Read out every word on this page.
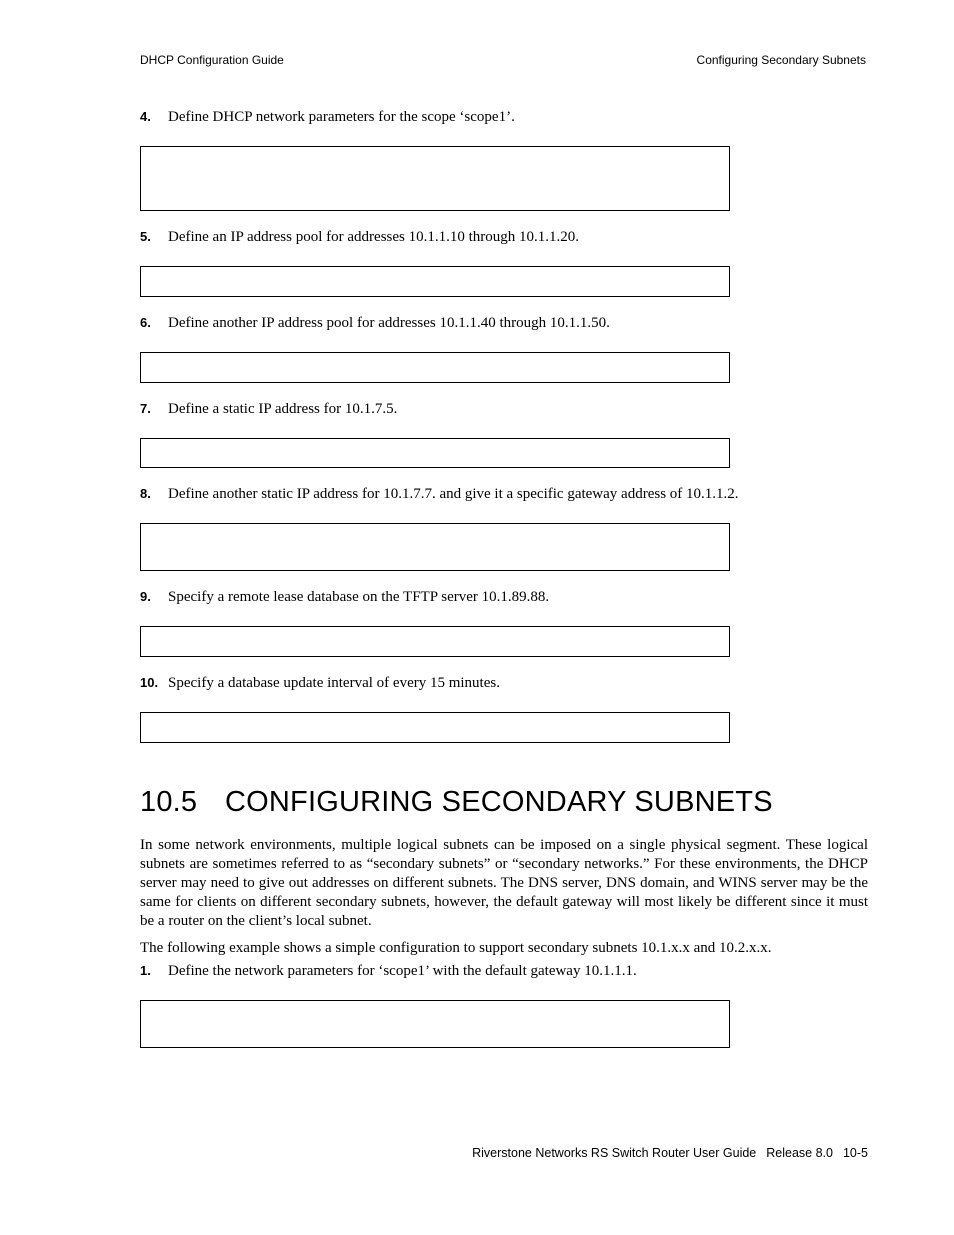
DHCP Configuration Guide	Configuring Secondary Subnets
4. Define DHCP network parameters for the scope ‘scope1’.
5. Define an IP address pool for addresses 10.1.1.10 through 10.1.1.20.
6. Define another IP address pool for addresses 10.1.1.40 through 10.1.1.50.
7. Define a static IP address for 10.1.7.5.
8. Define another static IP address for 10.1.7.7. and give it a specific gateway address of 10.1.1.2.
9. Specify a remote lease database on the TFTP server 10.1.89.88.
10. Specify a database update interval of every 15 minutes.
10.5 CONFIGURING SECONDARY SUBNETS
In some network environments, multiple logical subnets can be imposed on a single physical segment. These logical subnets are sometimes referred to as “secondary subnets” or “secondary networks.” For these environments, the DHCP server may need to give out addresses on different subnets. The DNS server, DNS domain, and WINS server may be the same for clients on different secondary subnets, however, the default gateway will most likely be different since it must be a router on the client’s local subnet.
The following example shows a simple configuration to support secondary subnets 10.1.x.x and 10.2.x.x.
1. Define the network parameters for ‘scope1’ with the default gateway 10.1.1.1.
Riverstone Networks RS Switch Router User Guide Release 8.0 10-5
